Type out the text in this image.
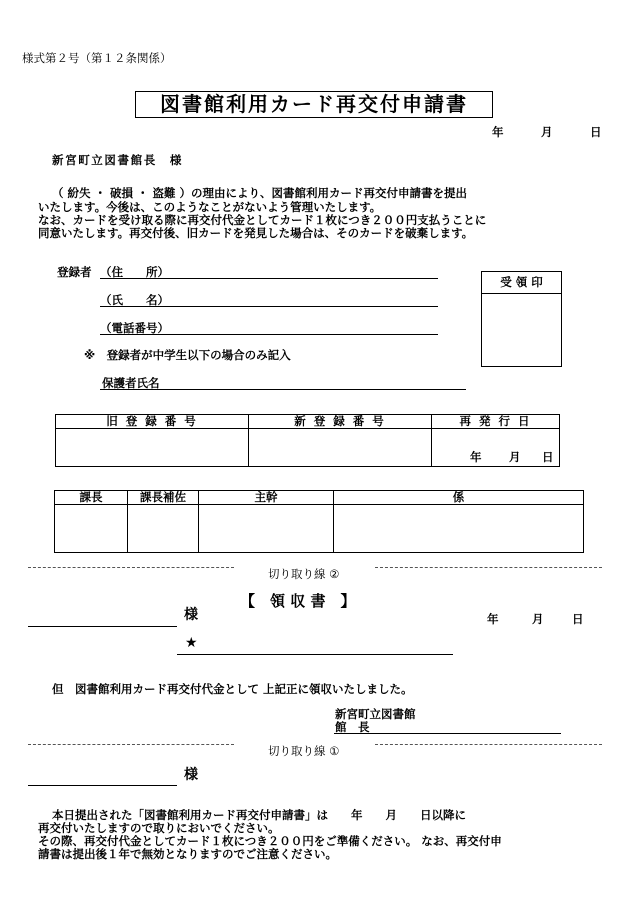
様式第２号（第１２条関係）
図書館利用カード再交付申請書
年	月	日
新宮町立図書館長　様
（ 紛失 ・ 破損 ・ 盗難 ）の理由により、図書館利用カード再交付申請書を提出
いたします。今後は、このようなことがないよう管理いたします。
なお、カードを受け取る際に再交付代金としてカード１枚につき２００円支払うことに
同意いたします。再交付後、旧カードを発見した場合は、そのカードを破棄します。
登録者 （住　　所）
（氏　　名）
（電話番号）
※　登録者が中学生以下の場合のみ記入
保護者氏名
受 領 印
旧 登 録 番 号	新 登 録 番 号	再 発 行 日

		年 月 日
課長	課長補佐	主幹	係

切り取り線 ②
【　領 収 書　】
様	年	月 日
★
但　図書館利用カード再交付代金として 上記正に領収いたしました。
新宮町立図書館
館　長
切り取り線 ①
様
本日提出された「図書館利用カード再交付申請書」は　　年　　月　　日以降に
再交付いたしますので取りにおいでください。
その際、再交付代金としてカード１枚につき２００円をご準備ください。 なお、再交付申
請書は提出後１年で無効となりますのでご注意ください。
